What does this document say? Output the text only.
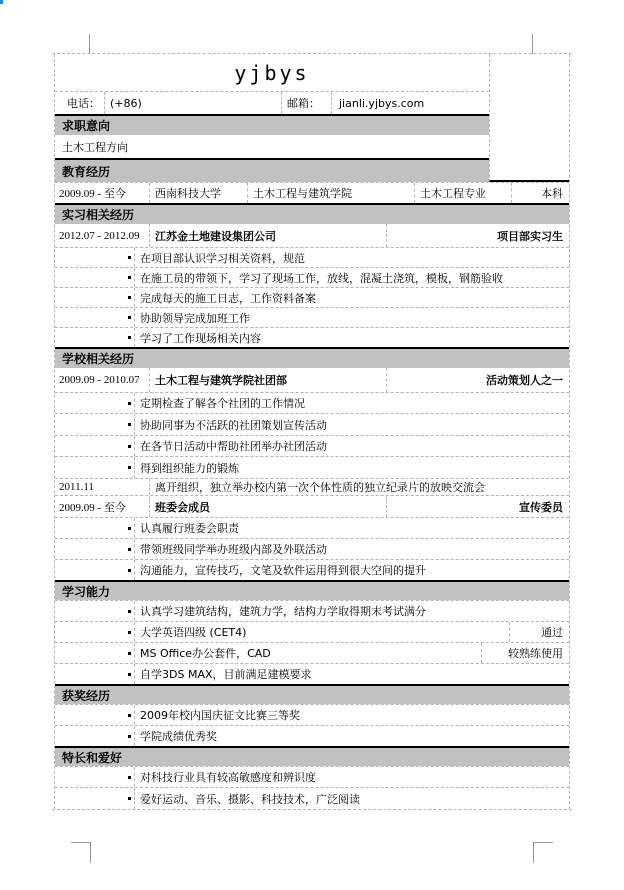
yjbys
电话： (+86)	邮箱：	jianli.yjbys.com
求职意向
土木工程方向
教育经历
2009.09 - 至今	西南科技大学	土木工程与建筑学院	土木工程专业	本科
实习相关经历
2012.07 - 2012.09	江苏金土地建设集团公司	项目部实习生
在项目部认识学习相关资料，规范
在施工员的带领下，学习了现场工作，放线，混凝土浇筑，模板，钢筋验收
完成每天的施工日志，工作资料备案
协助领导完成加班工作
学习了工作现场相关内容
学校相关经历
2009.09 - 2010.07	土木工程与建筑学院社团部	活动策划人之一
定期检查了解各个社团的工作情况
协助同事为不活跃的社团策划宣传活动
在各节日活动中帮助社团举办社团活动
得到组织能力的锻炼
2011.11	离开组织，独立举办校内第一次个体性质的独立纪录片的放映交流会
2009.09 - 至今	班委会成员	宣传委员
认真履行班委会职责
带领班级同学举办班级内部及外联活动
沟通能力，宣传技巧，文笔及软件运用得到很大空间的提升
学习能力
认真学习建筑结构，建筑力学，结构力学取得期末考试满分
大学英语四级 (CET4)	通过
MS Office办公套件，CAD	较熟练使用
自学3DS MAX，目前满足建模要求
获奖经历
2009年校内国庆征文比赛三等奖
学院成绩优秀奖
特长和爱好
对科技行业具有较高敏感度和辨识度
爱好运动、音乐、摄影、科技技术，广泛阅读
